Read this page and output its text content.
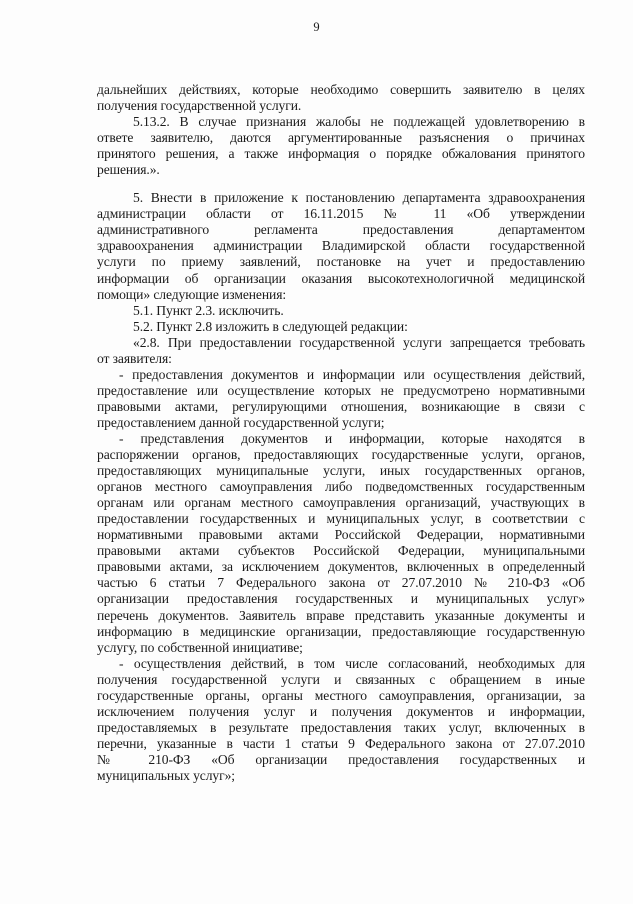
9
дальнейших действиях, которые необходимо совершить заявителю в целях
получения государственной услуги.
5.13.2. В случае признания жалобы не подлежащей удовлетворению в
ответе заявителю, даются аргументированные разъяснения о причинах
принятого решения, а также информация о порядке обжалования принятого
решения.».
5. Внести в приложение к постановлению департамента здравоохранения
администрации области от 16.11.2015 № 11 «Об утверждении
административного регламента предоставления департаментом
здравоохранения администрации Владимирской области государственной
услуги по приему заявлений, постановке на учет и предоставлению
информации об организации оказания высокотехнологичной медицинской
помощи» следующие изменения:
5.1. Пункт 2.3. исключить.
5.2. Пункт 2.8 изложить в следующей редакции:
«2.8. При предоставлении государственной услуги запрещается требовать
от заявителя:
- предоставления документов и информации или осуществления действий,
предоставление или осуществление которых не предусмотрено нормативными
правовыми актами, регулирующими отношения, возникающие в связи с
предоставлением данной государственной услуги;
- представления документов и информации, которые находятся в
распоряжении органов, предоставляющих государственные услуги, органов,
предоставляющих муниципальные услуги, иных государственных органов,
органов местного самоуправления либо подведомственных государственным
органам или органам местного самоуправления организаций, участвующих в
предоставлении государственных и муниципальных услуг, в соответствии с
нормативными правовыми актами Российской Федерации, нормативными
правовыми актами субъектов Российской Федерации, муниципальными
правовыми актами, за исключением документов, включенных в определенный
частью 6 статьи 7 Федерального закона от 27.07.2010 № 210-ФЗ «Об
организации предоставления государственных и муниципальных услуг»
перечень документов. Заявитель вправе представить указанные документы и
информацию в медицинские организации, предоставляющие государственную
услугу, по собственной инициативе;
- осуществления действий, в том числе согласований, необходимых для
получения государственной услуги и связанных с обращением в иные
государственные органы, органы местного самоуправления, организации, за
исключением получения услуг и получения документов и информации,
предоставляемых в результате предоставления таких услуг, включенных в
перечни, указанные в части 1 статьи 9 Федерального закона от 27.07.2010
№ 210-ФЗ «Об организации предоставления государственных и
муниципальных услуг»;
